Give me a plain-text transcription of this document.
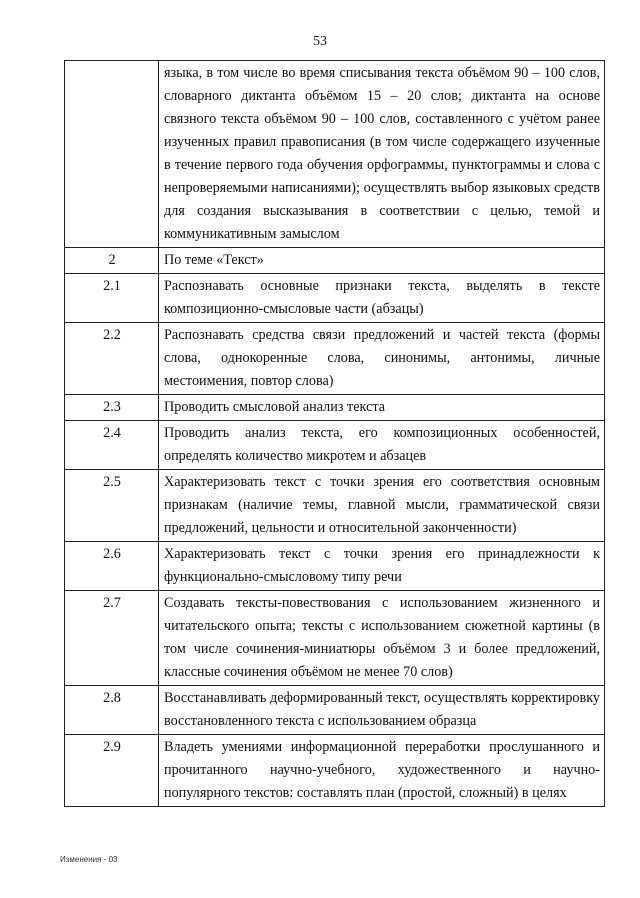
53
	языка, в том числе во время списывания текста объёмом 90 – 100 слов, словарного диктанта объёмом 15 – 20 слов; диктанта на основе связного текста объёмом 90 – 100 слов, составленного с учётом ранее изученных правил правописания (в том числе содержащего изученные в течение первого года обучения орфограммы, пунктограммы и слова с непроверяемыми написаниями); осуществлять выбор языковых средств для создания высказывания в соответствии с целью, темой и коммуникативным замыслом
2	По теме «Текст»
2.1	Распознавать основные признаки текста, выделять в тексте композиционно-смысловые части (абзацы)
2.2	Распознавать средства связи предложений и частей текста (формы слова, однокоренные слова, синонимы, антонимы, личные местоимения, повтор слова)
2.3	Проводить смысловой анализ текста
2.4	Проводить анализ текста, его композиционных особенностей, определять количество микротем и абзацев
2.5	Характеризовать текст с точки зрения его соответствия основным признакам (наличие темы, главной мысли, грамматической связи предложений, цельности и относительной законченности)
2.6	Характеризовать текст с точки зрения его принадлежности к функционально-смысловому типу речи
2.7	Создавать тексты-повествования с использованием жизненного и читательского опыта; тексты с использованием сюжетной картины (в том числе сочинения-миниатюры объёмом 3 и более предложений, классные сочинения объёмом не менее 70 слов)
2.8	Восстанавливать деформированный текст, осуществлять корректировку восстановленного текста с использованием образца
2.9	Владеть умениями информационной переработки прослушанного и прочитанного научно-учебного, художественного и научно-популярного текстов: составлять план (простой, сложный) в целях
Изменения - 03
